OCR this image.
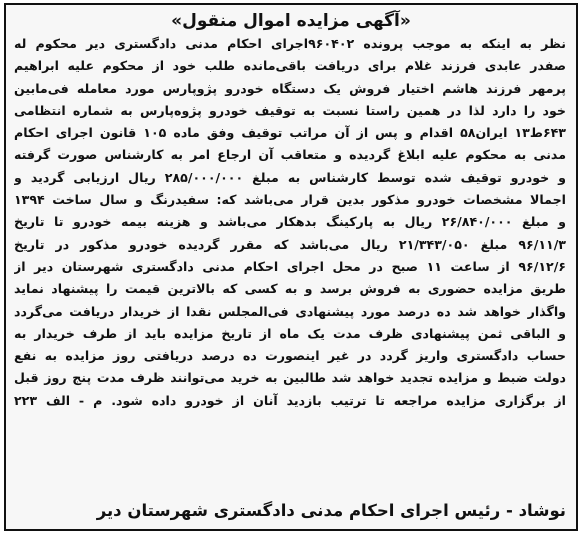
«آگهی مزایده اموال منقول»
نظر به اینکه به موجب پرونده ۹۶۰۴۰۲اجرای احکام مدنی دادگستری دیر محکوم له
صفدر عابدی فرزند غلام برای دریافت باقی‌مانده طلب خود از محکوم علیه ابراهیم
پرمهر فرزند هاشم اختیار فروش یک دستگاه خودرو پژوپارس مورد معامله فی‌مابین
خود را دارد لذا در همین راستا نسبت به توقیف خودرو پژوه‌پارس به شماره انتظامی
۶۴۳ط۱۳ ایران۵۸ اقدام و پس از آن مراتب توقیف وفق ماده ۱۰۵ قانون اجرای احکام
مدنی به محکوم علیه ابلاغ گردیده و متعاقب آن ارجاع امر به کارشناس صورت گرفته
و خودرو توقیف شده توسط کارشناس به مبلغ ۲۸۵/۰۰۰/۰۰۰ ریال ارزیابی گردید و
اجمالا مشخصات خودرو مذکور بدین قرار می‌باشد که: سفیدرنگ و سال ساخت ۱۳۹۴
و مبلغ ۲۶/۸۴۰/۰۰۰ ریال به پارکینگ بدهکار می‌باشد و هزینه بیمه خودرو تا تاریخ
۹۶/۱۱/۳ مبلغ ۲۱/۳۴۳/۰۵۰ ریال می‌باشد که مقرر گردیده خودرو مذکور در تاریخ
۹۶/۱۲/۶ از ساعت ۱۱ صبح در محل اجرای احکام مدنی دادگستری شهرستان دیر از
طریق مزایده حضوری به فروش برسد و به کسی که بالاترین قیمت را پیشنهاد نماید
واگذار خواهد شد ده درصد مورد پیشنهادی فی‌المجلس نقدا از خریدار دریافت می‌گردد
و الباقی ثمن پیشنهادی ظرف مدت یک ماه از تاریخ مزایده باید از طرف خریدار به
حساب دادگستری واریز گردد در غیر اینصورت ده درصد دریافتی روز مزایده به نفع
دولت ضبط و مزایده تجدید خواهد شد طالبین به خرید می‌توانند ظرف مدت پنج روز قبل
از برگزاری مزایده مراجعه تا ترتیب بازدید آنان از خودرو داده شود. م - الف ۲۲۳
نوشاد - رئیس اجرای احکام مدنی دادگستری شهرستان دیر
